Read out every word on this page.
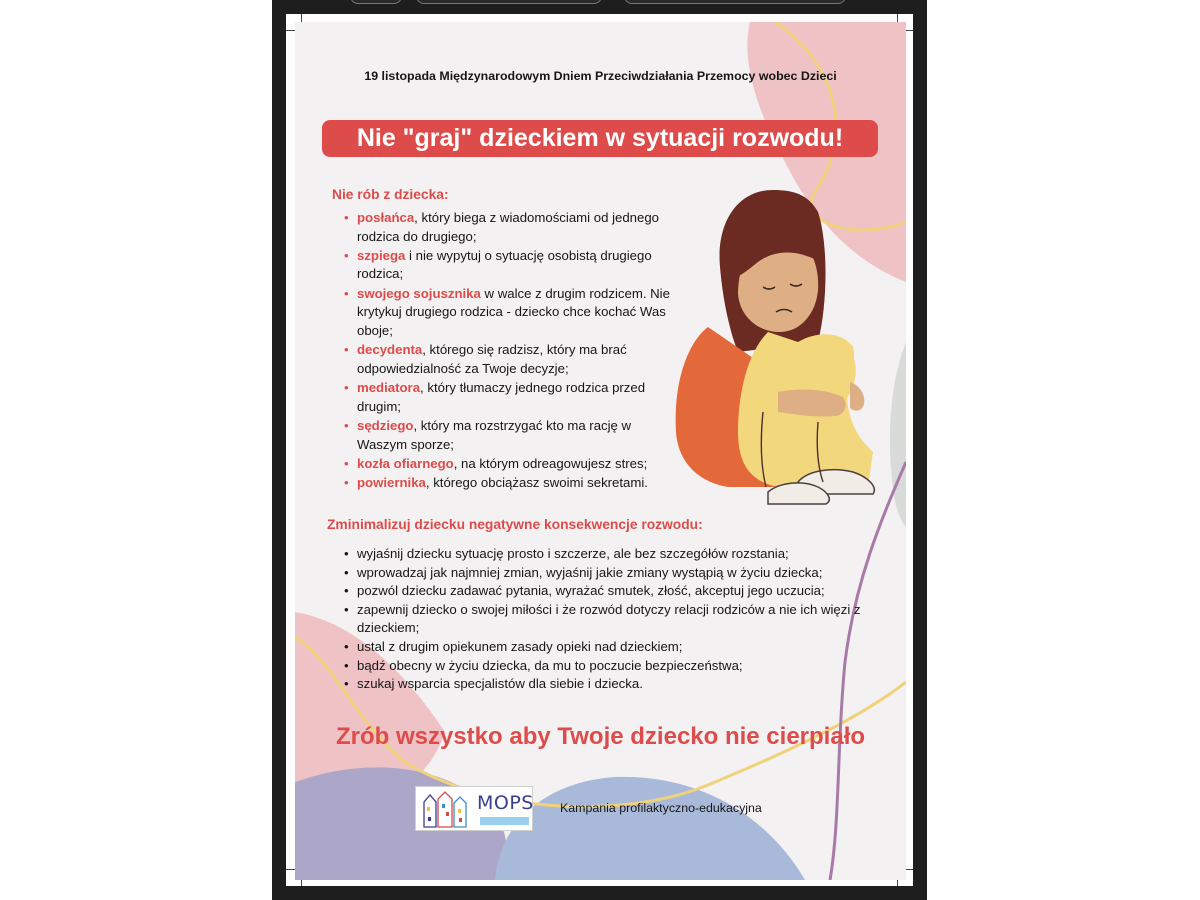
19 listopada Międzynarodowym Dniem Przeciwdziałania Przemocy wobec Dzieci
Nie "graj" dzieckiem w sytuacji rozwodu!
Nie rób z dziecka:
• posłańca, który biega z wiadomościami od jednego rodzica do drugiego;
• szpiega i nie wypytuj o sytuację osobistą drugiego rodzica;
• swojego sojusznika w walce z drugim rodzicem. Nie krytykuj drugiego rodzica - dziecko chce kochać Was oboje;
• decydenta, którego się radzisz, który ma brać odpowiedzialność za Twoje decyzje;
• mediatora, który tłumaczy jednego rodzica przed drugim;
• sędziego, który ma rozstrzygać kto ma rację w Waszym sporze;
• kozła ofiarnego, na którym odreagowujesz stres;
• powiernika, którego obciążasz swoimi sekretami.
Zminimalizuj dziecku negatywne konsekwencje rozwodu:
• wyjaśnij dziecku sytuację prosto i szczerze, ale bez szczegółów rozstania;
• wprowadzaj jak najmniej zmian, wyjaśnij jakie zmiany wystąpią w życiu dziecka;
• pozwól dziecku zadawać pytania, wyrażać smutek, złość, akceptuj jego uczucia;
• zapewnij dziecko o swojej miłości i że rozwód dotyczy relacji rodziców a nie ich więzi z dzieckiem;
• ustal z drugim opiekunem zasady opieki nad dzieckiem;
• bądź obecny w życiu dziecka, da mu to poczucie bezpieczeństwa;
• szukaj wsparcia specjalistów dla siebie i dziecka.
Zrób wszystko aby Twoje dziecko nie cierpiało
MOPS Kampania profilaktyczno-edukacyjna
